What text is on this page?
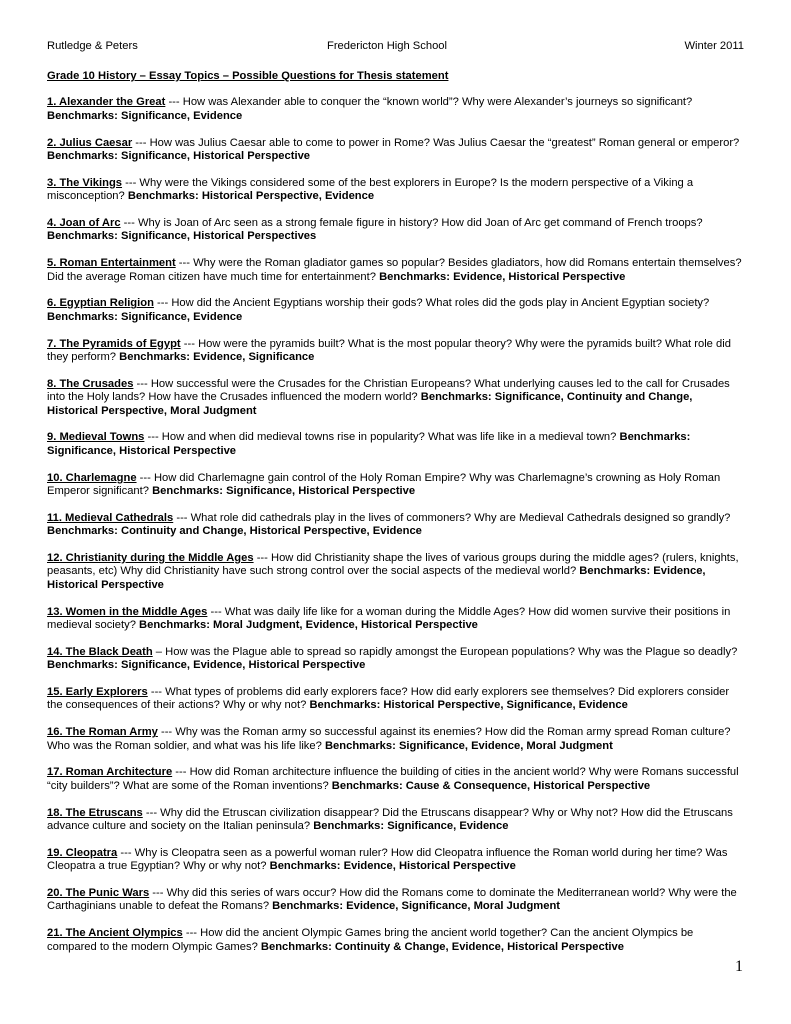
Rutledge & Peters	Fredericton High School	Winter 2011
Grade 10 History – Essay Topics – Possible Questions for Thesis statement
1. Alexander the Great --- How was Alexander able to conquer the “known world”? Why were Alexander’s journeys so significant? Benchmarks: Significance, Evidence
2. Julius Caesar --- How was Julius Caesar able to come to power in Rome? Was Julius Caesar the “greatest” Roman general or emperor? Benchmarks: Significance, Historical Perspective
3. The Vikings --- Why were the Vikings considered some of the best explorers in Europe? Is the modern perspective of a Viking a misconception? Benchmarks: Historical Perspective, Evidence
4. Joan of Arc --- Why is Joan of Arc seen as a strong female figure in history? How did Joan of Arc get command of French troops? Benchmarks: Significance, Historical Perspectives
5. Roman Entertainment --- Why were the Roman gladiator games so popular? Besides gladiators, how did Romans entertain themselves? Did the average Roman citizen have much time for entertainment? Benchmarks: Evidence, Historical Perspective
6. Egyptian Religion --- How did the Ancient Egyptians worship their gods? What roles did the gods play in Ancient Egyptian society? Benchmarks: Significance, Evidence
7. The Pyramids of Egypt --- How were the pyramids built? What is the most popular theory? Why were the pyramids built? What role did they perform? Benchmarks: Evidence, Significance
8. The Crusades --- How successful were the Crusades for the Christian Europeans? What underlying causes led to the call for Crusades into the Holy lands? How have the Crusades influenced the modern world? Benchmarks: Significance, Continuity and Change, Historical Perspective, Moral Judgment
9. Medieval Towns --- How and when did medieval towns rise in popularity? What was life like in a medieval town? Benchmarks: Significance, Historical Perspective
10. Charlemagne --- How did Charlemagne gain control of the Holy Roman Empire? Why was Charlemagne’s crowning as Holy Roman Emperor significant? Benchmarks: Significance, Historical Perspective
11. Medieval Cathedrals --- What role did cathedrals play in the lives of commoners? Why are Medieval Cathedrals designed so grandly? Benchmarks: Continuity and Change, Historical Perspective, Evidence
12. Christianity during the Middle Ages --- How did Christianity shape the lives of various groups during the middle ages? (rulers, knights, peasants, etc) Why did Christianity have such strong control over the social aspects of the medieval world? Benchmarks: Evidence, Historical Perspective
13. Women in the Middle Ages --- What was daily life like for a woman during the Middle Ages? How did women survive their positions in medieval society? Benchmarks: Moral Judgment, Evidence, Historical Perspective
14. The Black Death – How was the Plague able to spread so rapidly amongst the European populations? Why was the Plague so deadly? Benchmarks: Significance, Evidence, Historical Perspective
15. Early Explorers --- What types of problems did early explorers face? How did early explorers see themselves? Did explorers consider the consequences of their actions? Why or why not? Benchmarks: Historical Perspective, Significance, Evidence
16. The Roman Army --- Why was the Roman army so successful against its enemies? How did the Roman army spread Roman culture? Who was the Roman soldier, and what was his life like? Benchmarks: Significance, Evidence, Moral Judgment
17. Roman Architecture --- How did Roman architecture influence the building of cities in the ancient world? Why were Romans successful “city builders”? What are some of the Roman inventions? Benchmarks: Cause & Consequence, Historical Perspective
18. The Etruscans --- Why did the Etruscan civilization disappear? Did the Etruscans disappear? Why or Why not? How did the Etruscans advance culture and society on the Italian peninsula? Benchmarks: Significance, Evidence
19. Cleopatra --- Why is Cleopatra seen as a powerful woman ruler? How did Cleopatra influence the Roman world during her time? Was Cleopatra a true Egyptian? Why or why not? Benchmarks: Evidence, Historical Perspective
20. The Punic Wars --- Why did this series of wars occur? How did the Romans come to dominate the Mediterranean world? Why were the Carthaginians unable to defeat the Romans? Benchmarks: Evidence, Significance, Moral Judgment
21. The Ancient Olympics --- How did the ancient Olympic Games bring the ancient world together? Can the ancient Olympics be compared to the modern Olympic Games? Benchmarks: Continuity & Change, Evidence, Historical Perspective
1
